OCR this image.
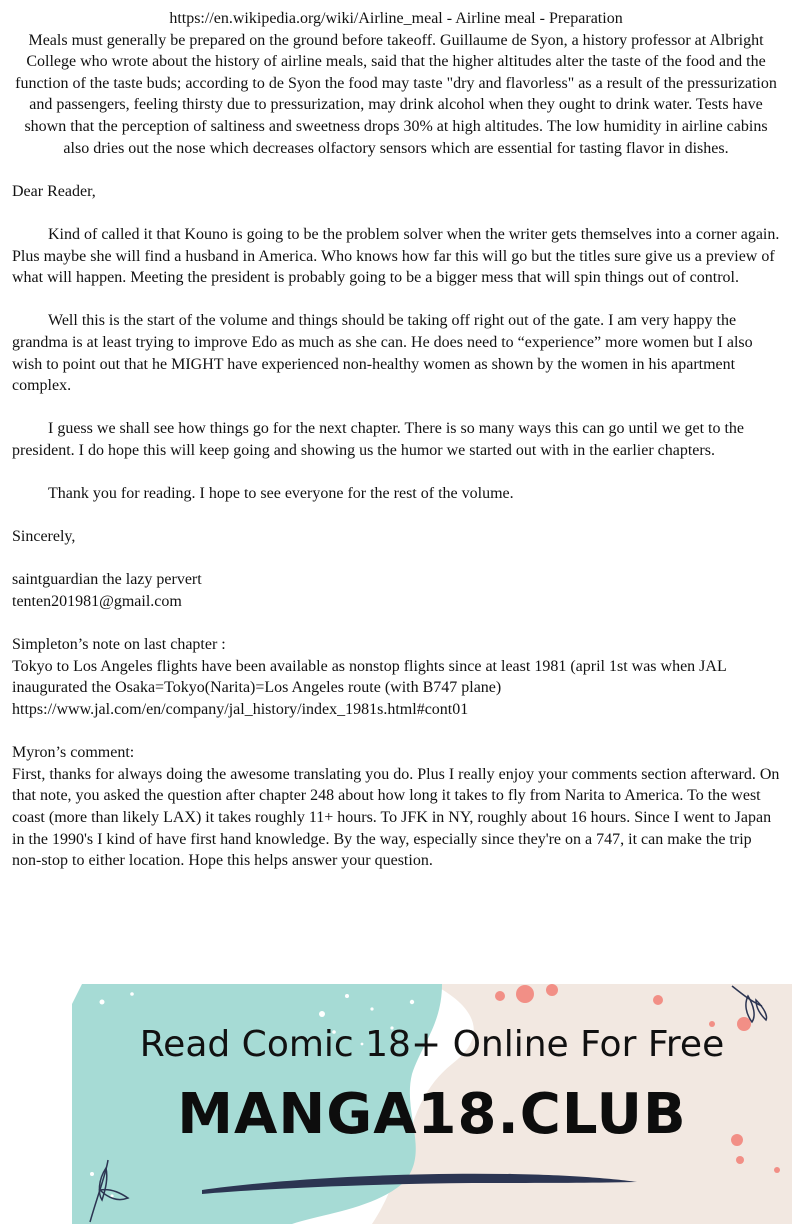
https://en.wikipedia.org/wiki/Airline_meal - Airline meal - Preparation

Meals must generally be prepared on the ground before takeoff. Guillaume de Syon, a history professor at Albright College who wrote about the history of airline meals, said that the higher altitudes alter the taste of the food and the function of the taste buds; according to de Syon the food may taste "dry and flavorless" as a result of the pressurization and passengers, feeling thirsty due to pressurization, may drink alcohol when they ought to drink water. Tests have shown that the perception of saltiness and sweetness drops 30% at high altitudes. The low humidity in airline cabins also dries out the nose which decreases olfactory sensors which are essential for tasting flavor in dishes.

Dear Reader,

Kind of called it that Kouno is going to be the problem solver when the writer gets themselves into a corner again. Plus maybe she will find a husband in America. Who knows how far this will go but the titles sure give us a preview of what will happen. Meeting the president is probably going to be a bigger mess that will spin things out of control.

Well this is the start of the volume and things should be taking off right out of the gate. I am very happy the grandma is at least trying to improve Edo as much as she can. He does need to “experience” more women but I also wish to point out that he MIGHT have experienced non-healthy women as shown by the women in his apartment complex.

I guess we shall see how things go for the next chapter. There is so many ways this can go until we get to the president. I do hope this will keep going and showing us the humor we started out with in the earlier chapters.

Thank you for reading. I hope to see everyone for the rest of the volume.

Sincerely,

saintguardian the lazy pervert

tenten201981@gmail.com

Simpleton’s note on last chapter :

Tokyo to Los Angeles flights have been available as nonstop flights since at least 1981 (april 1st was when JAL inaugurated the Osaka=Tokyo(Narita)=Los Angeles route (with B747 plane)

https://www.jal.com/en/company/jal_history/index_1981s.html#cont01

Myron’s comment:

First, thanks for always doing the awesome translating you do. Plus I really enjoy your comments section afterward. On that note, you asked the question after chapter 248 about how long it takes to fly from Narita to America. To the west coast (more than likely LAX) it takes roughly 11+ hours. To JFK in NY, roughly about 16 hours. Since I went to Japan in the 1990's I kind of have first hand knowledge. By the way, especially since they're on a 747, it can make the trip non-stop to either location. Hope this helps answer your question.

Read Comic 18+ Online For Free
MANGA18.CLUB
